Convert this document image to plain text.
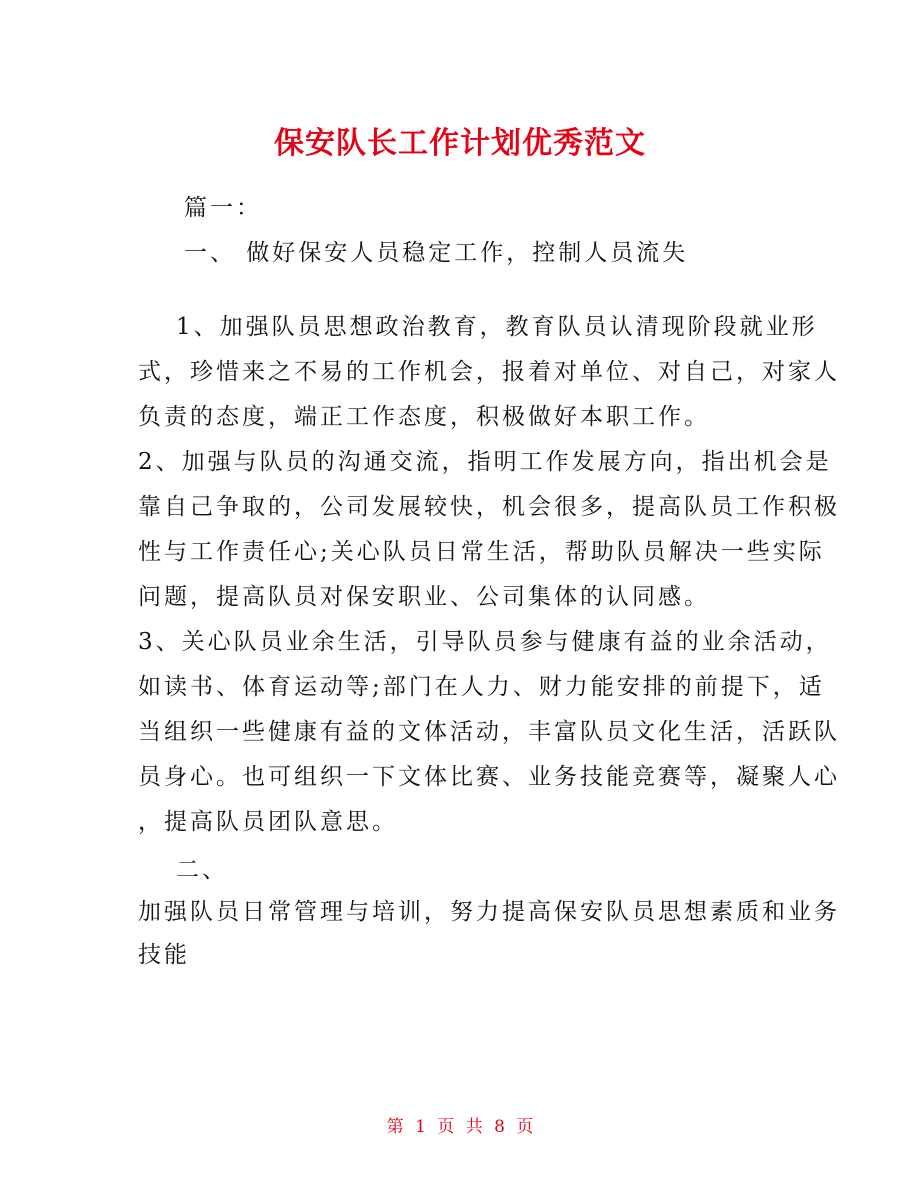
保安队长工作计划优秀范文
篇一：
一、 做好保安人员稳定工作，控制人员流失
1、加强队员思想政治教育，教育队员认清现阶段就业形
式，珍惜来之不易的工作机会，报着对单位、对自己，对家人
负责的态度，端正工作态度，积极做好本职工作。
2、加强与队员的沟通交流，指明工作发展方向，指出机会是
靠自己争取的，公司发展较快，机会很多，提高队员工作积极
性与工作责任心;关心队员日常生活，帮助队员解决一些实际
问题，提高队员对保安职业、公司集体的认同感。
3、关心队员业余生活，引导队员参与健康有益的业余活动，
如读书、体育运动等;部门在人力、财力能安排的前提下，适
当组织一些健康有益的文体活动，丰富队员文化生活，活跃队
员身心。也可组织一下文体比赛、业务技能竞赛等，凝聚人心
，提高队员团队意思。
二、
加强队员日常管理与培训，努力提高保安队员思想素质和业务
技能
第 1 页 共 8 页
